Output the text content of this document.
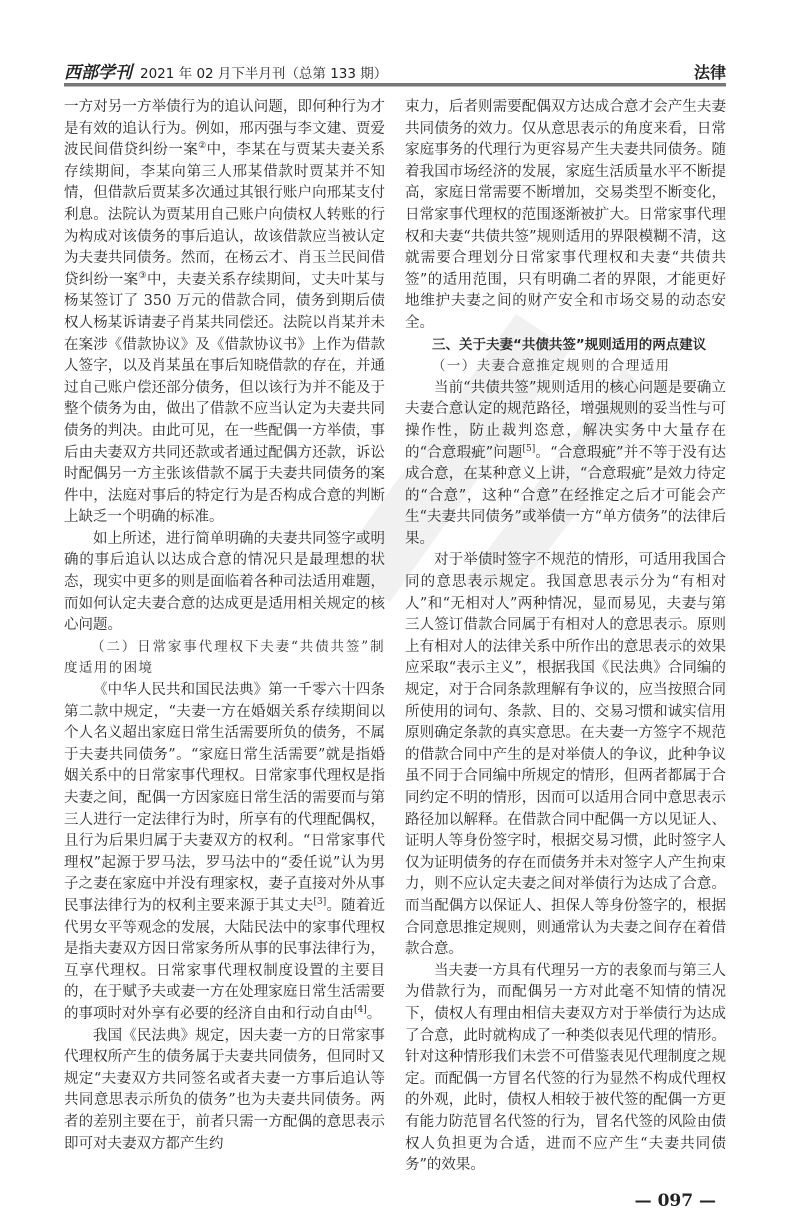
西部学刊 2021 年 02 月下半月刊（总第 133 期）	法律

一方对另一方举债行为的追认问题，即何种行为才是有效的追认行为。例如，邢丙强与李文建、贾爱波民间借贷纠纷一案②中，李某在与贾某夫妻关系存续期间，李某向第三人邢某借款时贾某并不知情，但借款后贾某多次通过其银行账户向邢某支付利息。法院认为贾某用自己账户向债权人转账的行为构成对该债务的事后追认，故该借款应当被认定为夫妻共同债务。然而，在杨云才、肖玉兰民间借贷纠纷一案③中，夫妻关系存续期间，丈夫叶某与杨某签订了 350 万元的借款合同，债务到期后债权人杨某诉请妻子肖某共同偿还。法院以肖某并未在案涉《借款协议》及《借款协议书》上作为借款人签字，以及肖某虽在事后知晓借款的存在，并通过自己账户偿还部分债务，但以该行为并不能及于整个债务为由，做出了借款不应当认定为夫妻共同债务的判决。由此可见，在一些配偶一方举债，事后由夫妻双方共同还款或者通过配偶方还款，诉讼时配偶另一方主张该借款不属于夫妻共同债务的案件中，法庭对事后的特定行为是否构成合意的判断上缺乏一个明确的标准。

如上所述，进行简单明确的夫妻共同签字或明确的事后追认以达成合意的情况只是最理想的状态，现实中更多的则是面临着各种司法适用难题，而如何认定夫妻合意的达成更是适用相关规定的核心问题。

（二）日常家事代理权下夫妻“共债共签”制度适用的困境

《中华人民共和国民法典》第一千零六十四条第二款中规定，“夫妻一方在婚姻关系存续期间以个人名义超出家庭日常生活需要所负的债务，不属于夫妻共同债务”。“家庭日常生活需要”就是指婚姻关系中的日常家事代理权。日常家事代理权是指夫妻之间，配偶一方因家庭日常生活的需要而与第三人进行一定法律行为时，所享有的代理配偶权，且行为后果归属于夫妻双方的权利。“日常家事代理权”起源于罗马法，罗马法中的“委任说”认为男子之妻在家庭中并没有理家权，妻子直接对外从事民事法律行为的权利主要来源于其丈夫[3]。随着近代男女平等观念的发展，大陆民法中的家事代理权是指夫妻双方因日常家务所从事的民事法律行为，互享代理权。日常家事代理权制度设置的主要目的，在于赋予夫或妻一方在处理家庭日常生活需要的事项时对外享有必要的经济自由和行动自由[4]。

我国《民法典》规定，因夫妻一方的日常家事代理权所产生的债务属于夫妻共同债务，但同时又规定“夫妻双方共同签名或者夫妻一方事后追认等共同意思表示所负的债务”也为夫妻共同债务。两者的差别主要在于，前者只需一方配偶的意思表示即可对夫妻双方都产生约

束力，后者则需要配偶双方达成合意才会产生夫妻共同债务的效力。仅从意思表示的角度来看，日常家庭事务的代理行为更容易产生夫妻共同债务。随着我国市场经济的发展，家庭生活质量水平不断提高，家庭日常需要不断增加，交易类型不断变化，日常家事代理权的范围逐渐被扩大。日常家事代理权和夫妻“共债共签”规则适用的界限模糊不清，这就需要合理划分日常家事代理权和夫妻“共债共签”的适用范围，只有明确二者的界限，才能更好地维护夫妻之间的财产安全和市场交易的动态安全。

三、关于夫妻“共债共签”规则适用的两点建议

（一）夫妻合意推定规则的合理适用

当前“共债共签”规则适用的核心问题是要确立夫妻合意认定的规范路径，增强规则的妥当性与可操作性，防止裁判恣意，解决实务中大量存在的“合意瑕疵”问题[5]。“合意瑕疵”并不等于没有达成合意，在某种意义上讲，“合意瑕疵”是效力待定的“合意”，这种“合意”在经推定之后才可能会产生“夫妻共同债务”或举债一方“单方债务”的法律后果。

对于举债时签字不规范的情形，可适用我国合同的意思表示规定。我国意思表示分为“有相对人”和“无相对人”两种情况，显而易见，夫妻与第三人签订借款合同属于有相对人的意思表示。原则上有相对人的法律关系中所作出的意思表示的效果应采取“表示主义”，根据我国《民法典》合同编的规定，对于合同条款理解有争议的，应当按照合同所使用的词句、条款、目的、交易习惯和诚实信用原则确定条款的真实意思。在夫妻一方签字不规范的借款合同中产生的是对举债人的争议，此种争议虽不同于合同编中所规定的情形，但两者都属于合同约定不明的情形，因而可以适用合同中意思表示路径加以解释。在借款合同中配偶一方以见证人、证明人等身份签字时，根据交易习惯，此时签字人仅为证明债务的存在而债务并未对签字人产生拘束力，则不应认定夫妻之间对举债行为达成了合意。而当配偶方以保证人、担保人等身份签字的，根据合同意思推定规则，则通常认为夫妻之间存在着借款合意。

当夫妻一方具有代理另一方的表象而与第三人为借款行为，而配偶另一方对此毫不知情的情况下，债权人有理由相信夫妻双方对于举债行为达成了合意，此时就构成了一种类似表见代理的情形。针对这种情形我们未尝不可借鉴表见代理制度之规定。而配偶一方冒名代签的行为显然不构成代理权的外观，此时，债权人相较于被代签的配偶一方更有能力防范冒名代签的行为，冒名代签的风险由债权人负担更为合适，进而不应产生“夫妻共同债务”的效果。

— 097 —
